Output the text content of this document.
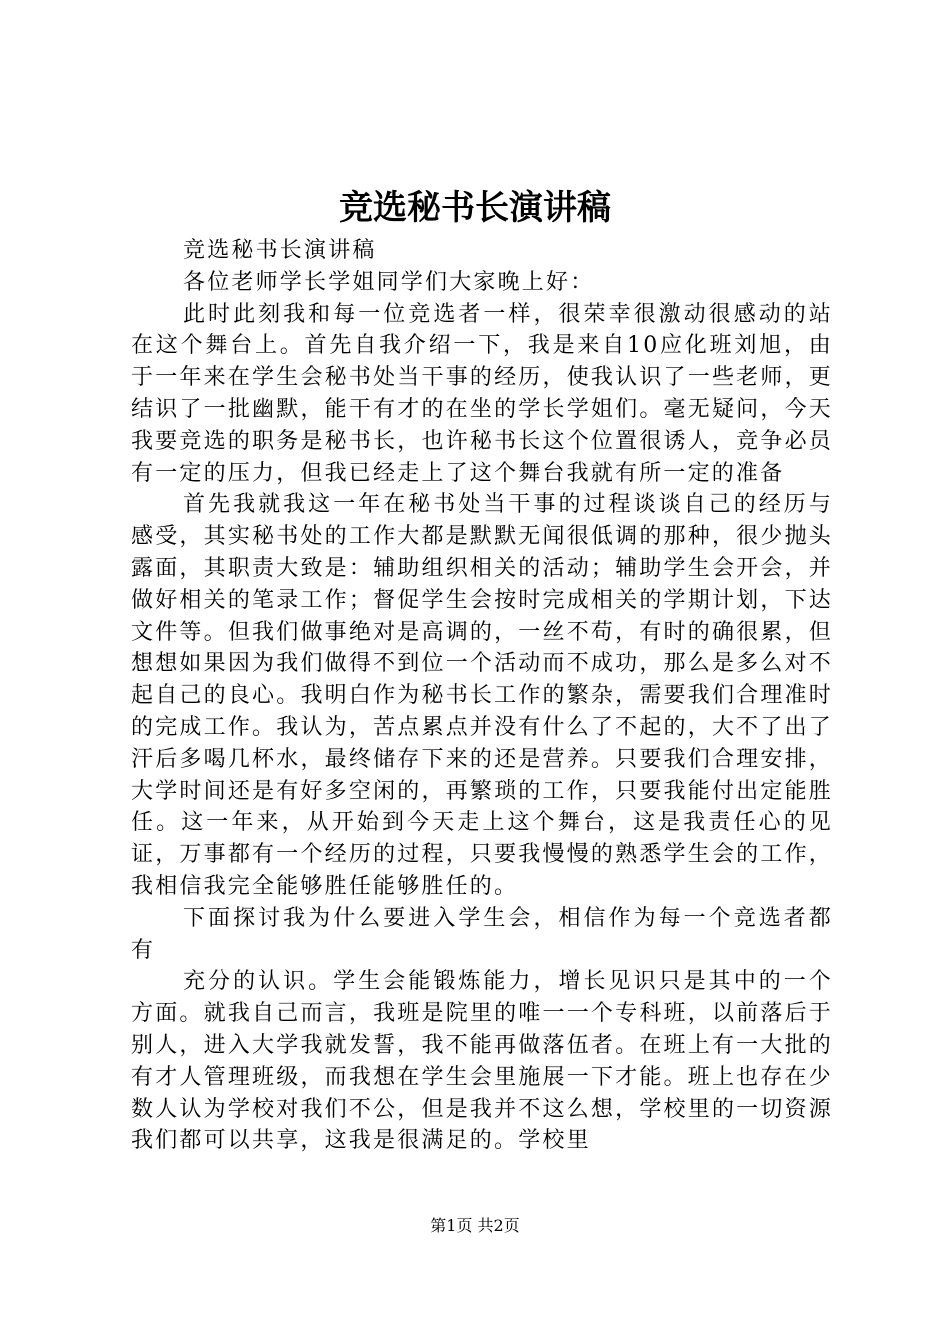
竞选秘书长演讲稿

竞选秘书长演讲稿

各位老师学长学姐同学们大家晚上好：

此时此刻我和每一位竞选者一样，很荣幸很激动很感动的站在这个舞台上。首先自我介绍一下，我是来自10应化班刘旭，由于一年来在学生会秘书处当干事的经历，使我认识了一些老师，更结识了一批幽默，能干有才的在坐的学长学姐们。毫无疑问，今天我要竞选的职务是秘书长，也许秘书长这个位置很诱人，竞争必员有一定的压力，但我已经走上了这个舞台我就有所一定的准备

首先我就我这一年在秘书处当干事的过程谈谈自己的经历与感受，其实秘书处的工作大都是默默无闻很低调的那种，很少抛头露面，其职责大致是：辅助组织相关的活动；辅助学生会开会，并做好相关的笔录工作；督促学生会按时完成相关的学期计划，下达文件等。但我们做事绝对是高调的，一丝不苟，有时的确很累，但想想如果因为我们做得不到位一个活动而不成功，那么是多么对不起自己的良心。我明白作为秘书长工作的繁杂，需要我们合理准时的完成工作。我认为，苦点累点并没有什么了不起的，大不了出了汗后多喝几杯水，最终储存下来的还是营养。只要我们合理安排，大学时间还是有好多空闲的，再繁琐的工作，只要我能付出定能胜任。这一年来，从开始到今天走上这个舞台，这是我责任心的见证，万事都有一个经历的过程，只要我慢慢的熟悉学生会的工作，我相信我完全能够胜任能够胜任的。

下面探讨我为什么要进入学生会，相信作为每一个竞选者都有

充分的认识。学生会能锻炼能力，增长见识只是其中的一个方面。就我自己而言，我班是院里的唯一一个专科班，以前落后于别人，进入大学我就发誓，我不能再做落伍者。在班上有一大批的有才人管理班级，而我想在学生会里施展一下才能。班上也存在少数人认为学校对我们不公，但是我并不这么想，学校里的一切资源我们都可以共享，这我是很满足的。学校里

第1页 共2页
